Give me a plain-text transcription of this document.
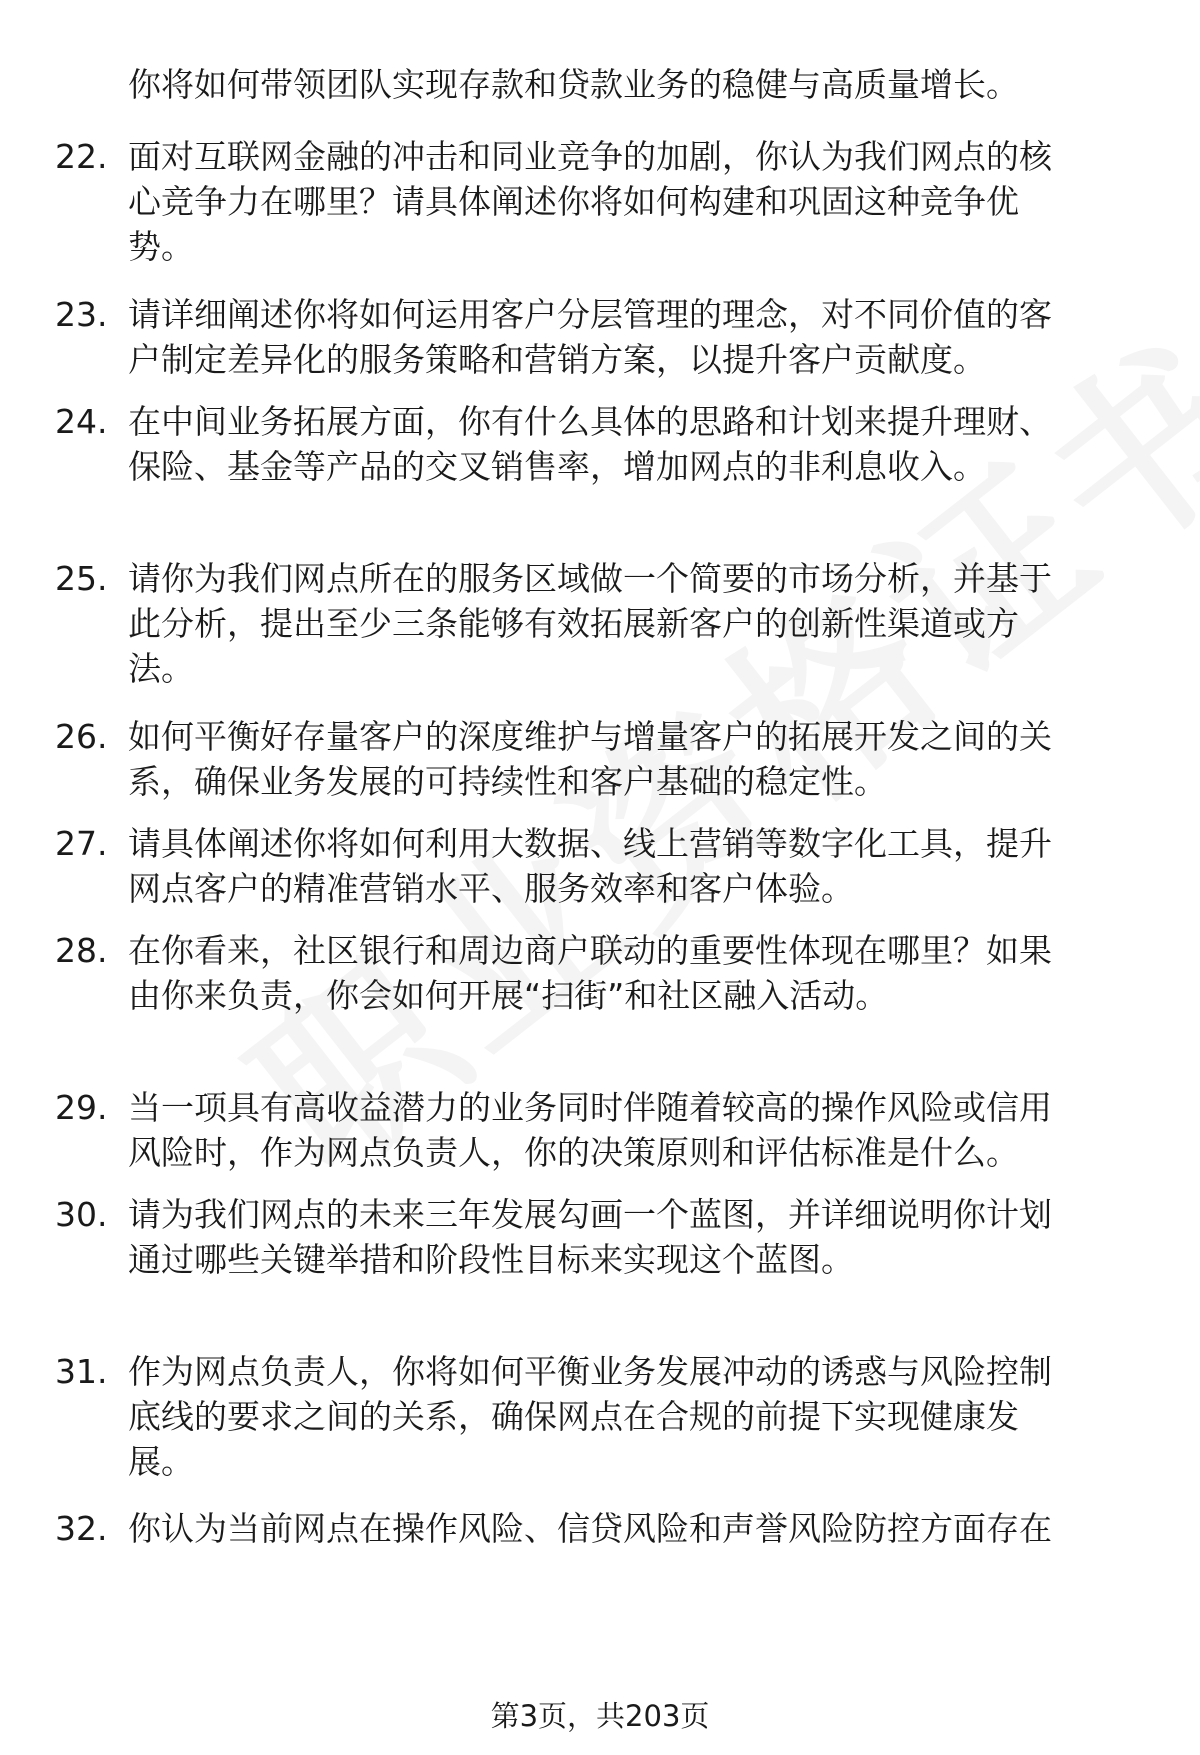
你将如何带领团队实现存款和贷款业务的稳健与高质量增长。
22. 面对互联网金融的冲击和同业竞争的加剧，你认为我们网点的核
心竞争力在哪里？请具体阐述你将如何构建和巩固这种竞争优
势。
23. 请详细阐述你将如何运用客户分层管理的理念，对不同价值的客
户制定差异化的服务策略和营销方案，以提升客户贡献度。
24. 在中间业务拓展方面，你有什么具体的思路和计划来提升理财、
保险、基金等产品的交叉销售率，增加网点的非利息收入。
25. 请你为我们网点所在的服务区域做一个简要的市场分析，并基于
此分析，提出至少三条能够有效拓展新客户的创新性渠道或方
法。
26. 如何平衡好存量客户的深度维护与增量客户的拓展开发之间的关
系，确保业务发展的可持续性和客户基础的稳定性。
27. 请具体阐述你将如何利用大数据、线上营销等数字化工具，提升
网点客户的精准营销水平、服务效率和客户体验。
28. 在你看来，社区银行和周边商户联动的重要性体现在哪里？如果
由你来负责，你会如何开展“扫街”和社区融入活动。
29. 当一项具有高收益潜力的业务同时伴随着较高的操作风险或信用
风险时，作为网点负责人，你的决策原则和评估标准是什么。
30. 请为我们网点的未来三年发展勾画一个蓝图，并详细说明你计划
通过哪些关键举措和阶段性目标来实现这个蓝图。
31. 作为网点负责人，你将如何平衡业务发展冲动的诱惑与风险控制
底线的要求之间的关系，确保网点在合规的前提下实现健康发
展。
32. 你认为当前网点在操作风险、信贷风险和声誉风险防控方面存在
第3页，共203页
